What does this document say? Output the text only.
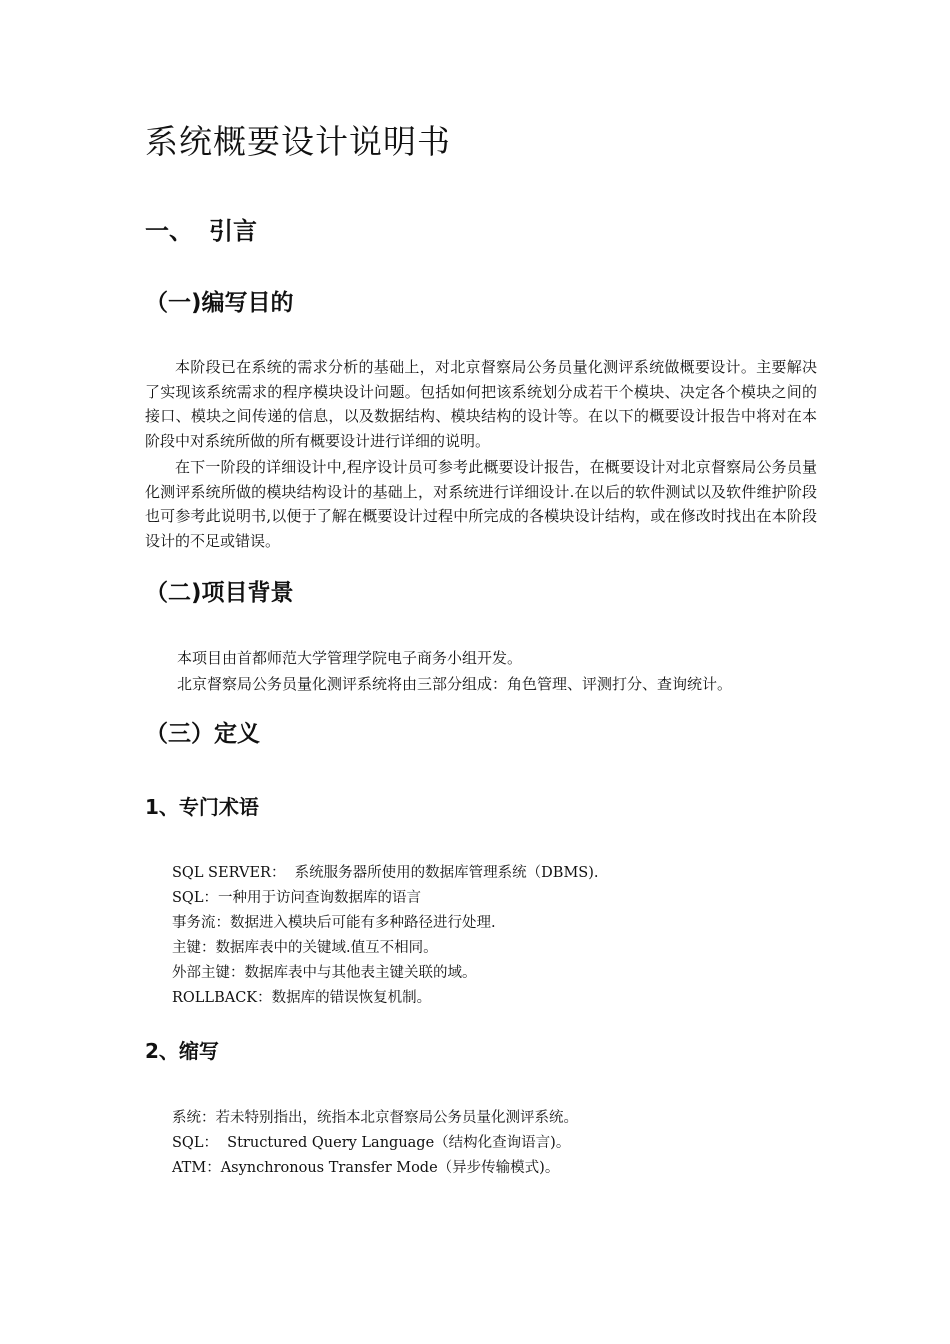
系统概要设计说明书
一、 引言
（一)编写目的

本阶段已在系统的需求分析的基础上，对北京督察局公务员量化测评系统做概要设计。主要解决了实现该系统需求的程序模块设计问题。包括如何把该系统划分成若干个模块、决定各个模块之间的接口、模块之间传递的信息，以及数据结构、模块结构的设计等。在以下的概要设计报告中将对在本阶段中对系统所做的所有概要设计进行详细的说明。

在下一阶段的详细设计中,程序设计员可参考此概要设计报告，在概要设计对北京督察局公务员量化测评系统所做的模块结构设计的基础上，对系统进行详细设计.在以后的软件测试以及软件维护阶段也可参考此说明书,以便于了解在概要设计过程中所完成的各模块设计结构，或在修改时找出在本阶段设计的不足或错误。

（二)项目背景

本项目由首都师范大学管理学院电子商务小组开发。

北京督察局公务员量化测评系统将由三部分组成：角色管理、评测打分、查询统计。

（三）定义
1、专门术语

SQL SERVER：  系统服务器所使用的数据库管理系统（DBMS).

SQL：一种用于访问查询数据库的语言

事务流：数据进入模块后可能有多种路径进行处理.

主键：数据库表中的关键域.值互不相同。

外部主键：数据库表中与其他表主键关联的域。

ROLLBACK：数据库的错误恢复机制。

2、缩写

系统：若未特别指出，统指本北京督察局公务员量化测评系统。

SQL：  Structured Query Language（结构化查询语言)。

ATM：Asynchronous Transfer Mode（异步传输模式)。
